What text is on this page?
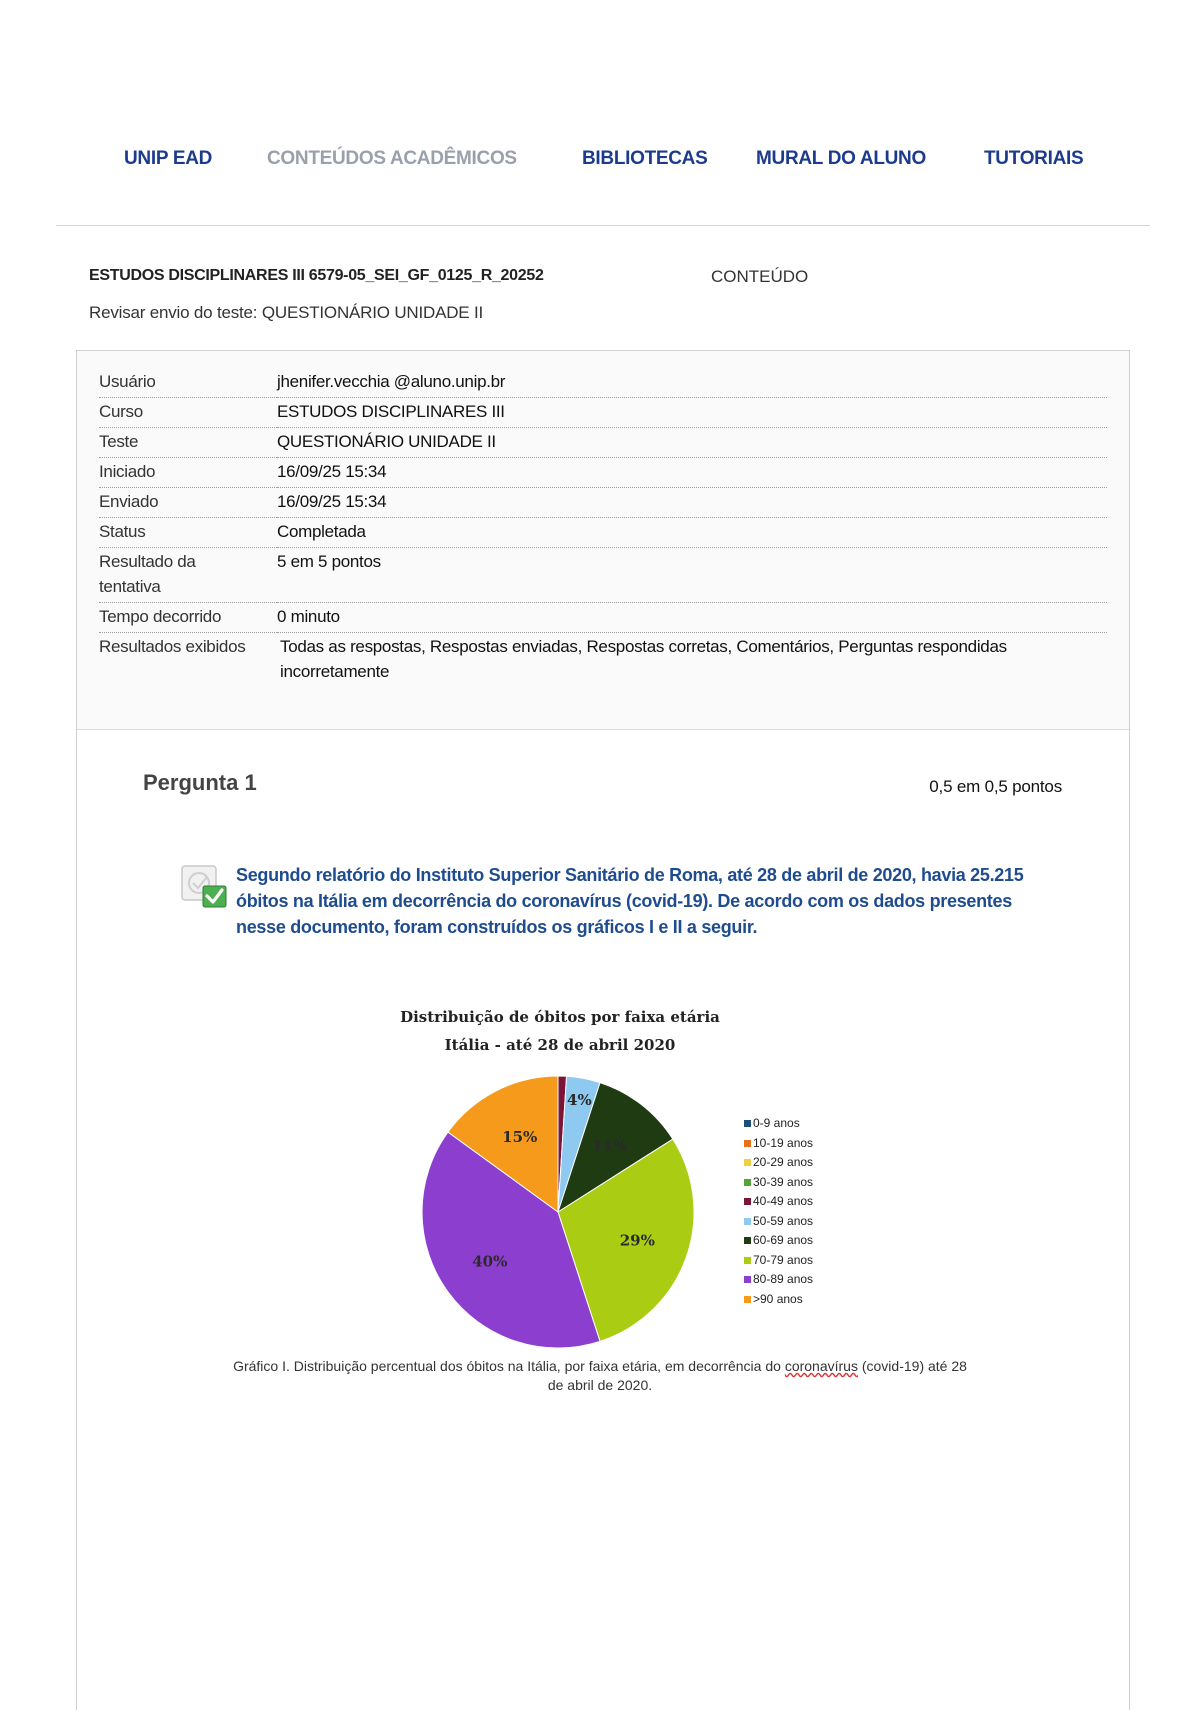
UNIP EAD	CONTEÚDOS ACADÊMICOS	BIBLIOTECAS	MURAL DO ALUNO	TUTORIAIS
ESTUDOS DISCIPLINARES III 6579-05_SEI_GF_0125_R_20252	CONTEÚDO
Revisar envio do teste: QUESTIONÁRIO UNIDADE II
Usuário	jhenifer.vecchia @aluno.unip.br
Curso	ESTUDOS DISCIPLINARES III
Teste	QUESTIONÁRIO UNIDADE II
Iniciado	16/09/25 15:34
Enviado	16/09/25 15:34
Status	Completada
Resultado da tentativa	5 em 5 pontos
Tempo decorrido	0 minuto
Resultados exibidos	Todas as respostas, Respostas enviadas, Respostas corretas, Comentários, Perguntas respondidas incorretamente
Pergunta 1	0,5 em 0,5 pontos
Segundo relatório do Instituto Superior Sanitário de Roma, até 28 de abril de 2020, havia 25.215 óbitos na Itália em decorrência do coronavírus (covid-19). De acordo com os dados presentes nesse documento, foram construídos os gráficos I e II a seguir.
Distribuição de óbitos por faixa etária
Itália - até 28 de abril 2020
4%
11%
29%
40%
15%
0-9 anos
10-19 anos
20-29 anos
30-39 anos
40-49 anos
50-59 anos
60-69 anos
70-79 anos
80-89 anos
>90 anos
Gráfico I. Distribuição percentual dos óbitos na Itália, por faixa etária, em decorrência do coronavírus (covid-19) até 28 de abril de 2020.
